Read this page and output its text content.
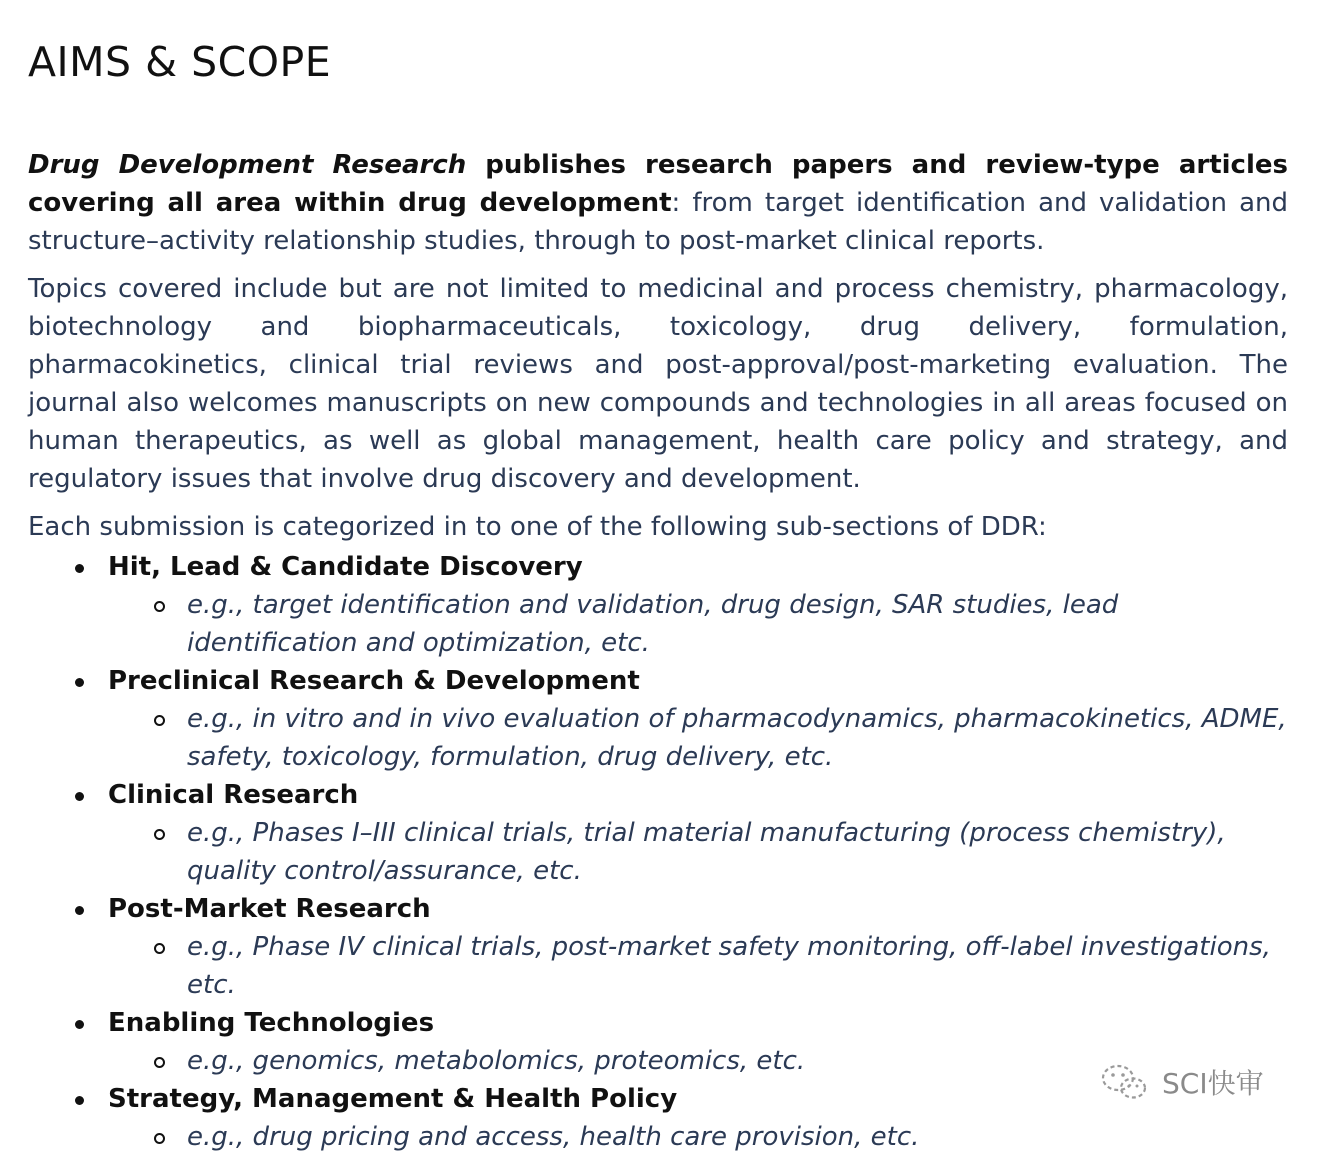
AIMS & SCOPE

Drug Development Research publishes research papers and review-type articles covering all area within drug development: from target identification and validation and structure–activity relationship studies, through to post-market clinical reports.

Topics covered include but are not limited to medicinal and process chemistry, pharmacology, biotechnology and biopharmaceuticals, toxicology, drug delivery, formulation, pharmacokinetics, clinical trial reviews and post-approval/post-marketing evaluation. The journal also welcomes manuscripts on new compounds and technologies in all areas focused on human therapeutics, as well as global management, health care policy and strategy, and regulatory issues that involve drug discovery and development.

Each submission is categorized in to one of the following sub-sections of DDR:

Hit, Lead & Candidate Discovery
e.g., target identification and validation, drug design, SAR studies, lead identification and optimization, etc.
Preclinical Research & Development
e.g., in vitro and in vivo evaluation of pharmacodynamics, pharmacokinetics, ADME, safety, toxicology, formulation, drug delivery, etc.
Clinical Research
e.g., Phases I–III clinical trials, trial material manufacturing (process chemistry), quality control/assurance, etc.
Post-Market Research
e.g., Phase IV clinical trials, post-market safety monitoring, off-label investigations, etc.
Enabling Technologies
e.g., genomics, metabolomics, proteomics, etc.
Strategy, Management & Health Policy
e.g., drug pricing and access, health care provision, etc.
SCI快审
